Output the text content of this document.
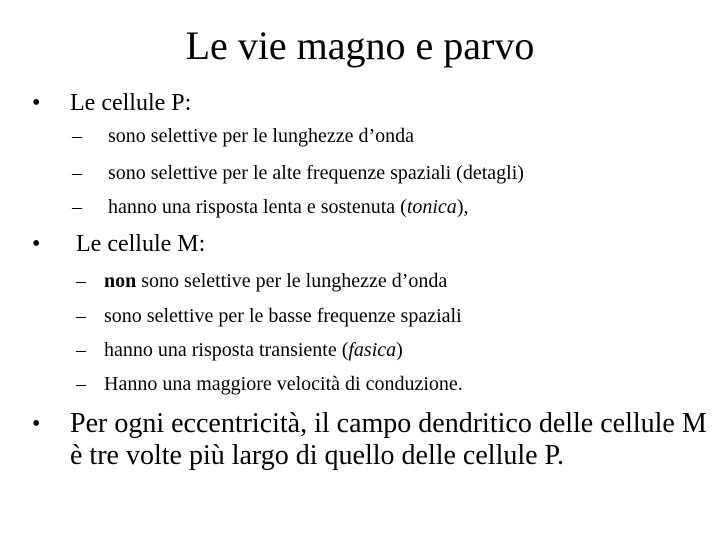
Le vie magno e parvo
• Le cellule P:
– sono selettive per le lunghezze d’onda
– sono selettive per le alte frequenze spaziali (detagli)
– hanno una risposta lenta e sostenuta (tonica),
• Le cellule M:
– non sono selettive per le lunghezze d’onda
– sono selettive per le basse frequenze spaziali
– hanno una risposta transiente (fasica)
– Hanno una maggiore velocità di conduzione.
• Per ogni eccentricità, il campo dendritico delle cellule M è tre volte più largo di quello delle cellule P.
